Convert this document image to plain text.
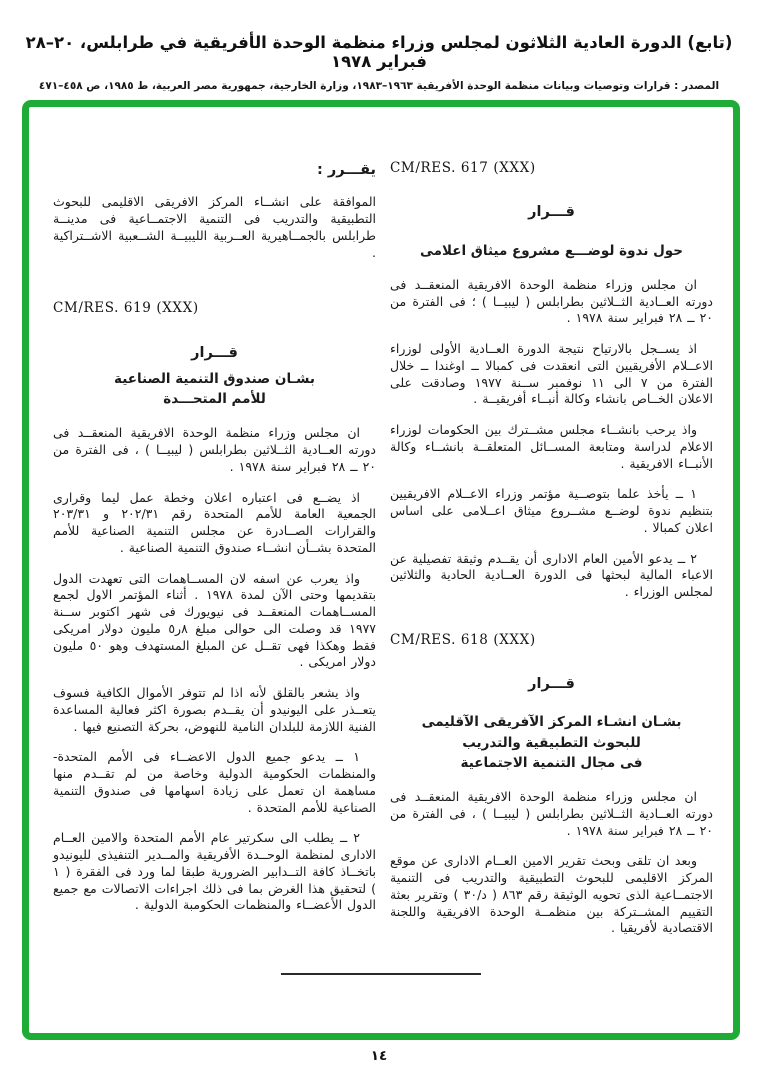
(تابع) الدورة العادية الثلاثون لمجلس وزراء منظمة الوحدة الأفريقية في طرابلس، ٢٠–٢٨ فبراير ١٩٧٨
المصدر : قرارات وتوصيات وبيانات منظمة الوحدة الأفريقية ١٩٦٣–١٩٨٣، وزارة الخارجية، جمهورية مصر العربية، ط ١٩٨٥، ص ٤٥٨–٤٧١
CM/RES. 617 (XXX)
قـــرار
حول ندوة لوضـــع مشروع ميثاق اعلامى

ان مجلس وزراء منظمة الوحدة الافريقية المنعقــد فى دورته العــادية الثــلاثين بطرابلس ( ليبيــا ) ؛ فى الفترة من ٢٠ ــ ٢٨ فبراير سنة ١٩٧٨ .

اذ يســجل بالارتياح نتيجة الدورة العــادية الأولى لوزراء الاعــلام الأفريقيين التى انعقدت فى كمبالا ــ اوغندا ــ خلال الفترة من ٧ الى ١١ نوفمبر ســنة ١٩٧٧ وصادقت على الاعلان الخــاص بانشاء وكالة أنبــاء أفريقيــة .

واذ يرحب بانشــاء مجلس مشــترك بين الحكومات لوزراء الاعلام لدراسة ومتابعة المســائل المتعلقــة بانشــاء وكالة الأنبــاء الافريقية .

١ ــ يأخذ علما بتوصــية مؤتمر وزراء الاعــلام الافريقيين بتنظيم ندوة لوضــع مشــروع ميثاق اعــلامى على اساس اعلان كمبالا .

٢ ــ يدعو الأمين العام الادارى أن يقــدم وثيقة تفصيلية عن الاعباء المالية لبحثها فى الدورة العــادية الحادية والثلاثين لمجلس الوزراء .

CM/RES. 618 (XXX)
قـــرار
بشـان انشـاء المركز الآفريقى الآقليمى
للبحوث التطبيقية والتدريب
فى مجال التنمية الاجتماعية

ان مجلس وزراء منظمة الوحدة الافريقية المنعقــد فى دورته العــادية الثــلاثين بطرابلس ( ليبيــا ) ، فى الفترة من ٢٠ ــ ٢٨ فبراير سنة ١٩٧٨ .

وبعد ان تلقى وبحث تقرير الامين العــام الادارى عن موقع المركز الاقليمى للبحوث التطبيقية والتدريب فى التنمية الاجتمــاعية الذى تحويه الوثيقة رقم ٨٦٣ ( د/٣٠ ) وتقرير بعثة التقييم المشــتركة بين منظمــة الوحدة الافريقية واللجنة الاقتصادية لأفريقيا .

يقـــرر :

الموافقة على انشــاء المركز الافريقى الاقليمى للبحوث التطبيقية والتدريب فى التنمية الاجتمــاعية فى مدينــة طرابلس بالجمــاهيرية العــربية الليبيــة الشــعبية الاشــتراكية .

CM/RES. 619 (XXX)
قـــرار
بشـان صندوق التنمية الصناعية
للأمم المتحـــدة

ان مجلس وزراء منظمة الوحدة الافريقية المنعقــد فى دورته العــادية الثــلاثين بطرابلس ( ليبيــا ) ، فى الفترة من ٢٠ ــ ٢٨ فبراير سنة ١٩٧٨ .

اذ يضــع فى اعتباره اعلان وخطة عمل ليما وقرارى الجمعية العامة للأمم المتحدة رقم ٢٠٢/٣١ و ٢٠٣/٣١ والقرارات الصــادرة عن مجلس التنمية الصناعية للأمم المتحدة بشــأن انشــاء صندوق التنمية الصناعية .

واذ يعرب عن اسفه لان المســاهمات التى تعهدت الدول بتقديمها وحتى الآن لمدة ١٩٧٨ . أثناء المؤتمر الاول لجمع المســاهمات المنعقــد فى نيويورك فى شهر اكتوبر ســنة ١٩٧٧ قد وصلت الى حوالى مبلغ ٨ر٥ مليون دولار امريكى فقط وهكذا فهى تقــل عن المبلغ المستهدف وهو ٥٠ مليون دولار امريكى .

واذ يشعر بالقلق لأنه اذا لم تتوفر الأموال الكافية فسوف يتعــذر على اليونيدو أن يقــدم بصورة اكثر فعالية المساعدة الفنية اللازمة للبلدان النامية للنهوض، بحركة التصنيع فيها .

١ ــ يدعو جميع الدول الاعضــاء فى الأمم المتحدة- والمنظمات الحكومية الدولية وخاصة من لم تقــدم منها مساهمة ان تعمل على زيادة اسهامها فى صندوق التنمية الصناعية للأمم المتحدة .

٢ ــ يطلب الى سكرتير عام الأمم المتحدة والامين العــام الادارى لمنظمة الوحــدة الأفريقية والمــدير التنفيذى لليونيدو باتخــاذ كافة التــدابير الضرورية طبقا لما ورد فى الفقرة ( ١ ) لتحقيق هذا الغرض بما فى ذلك اجراءات الاتصالات مع جميع الدول الأعضــاء والمنظمات الحكومبة الدولية .

١٤
